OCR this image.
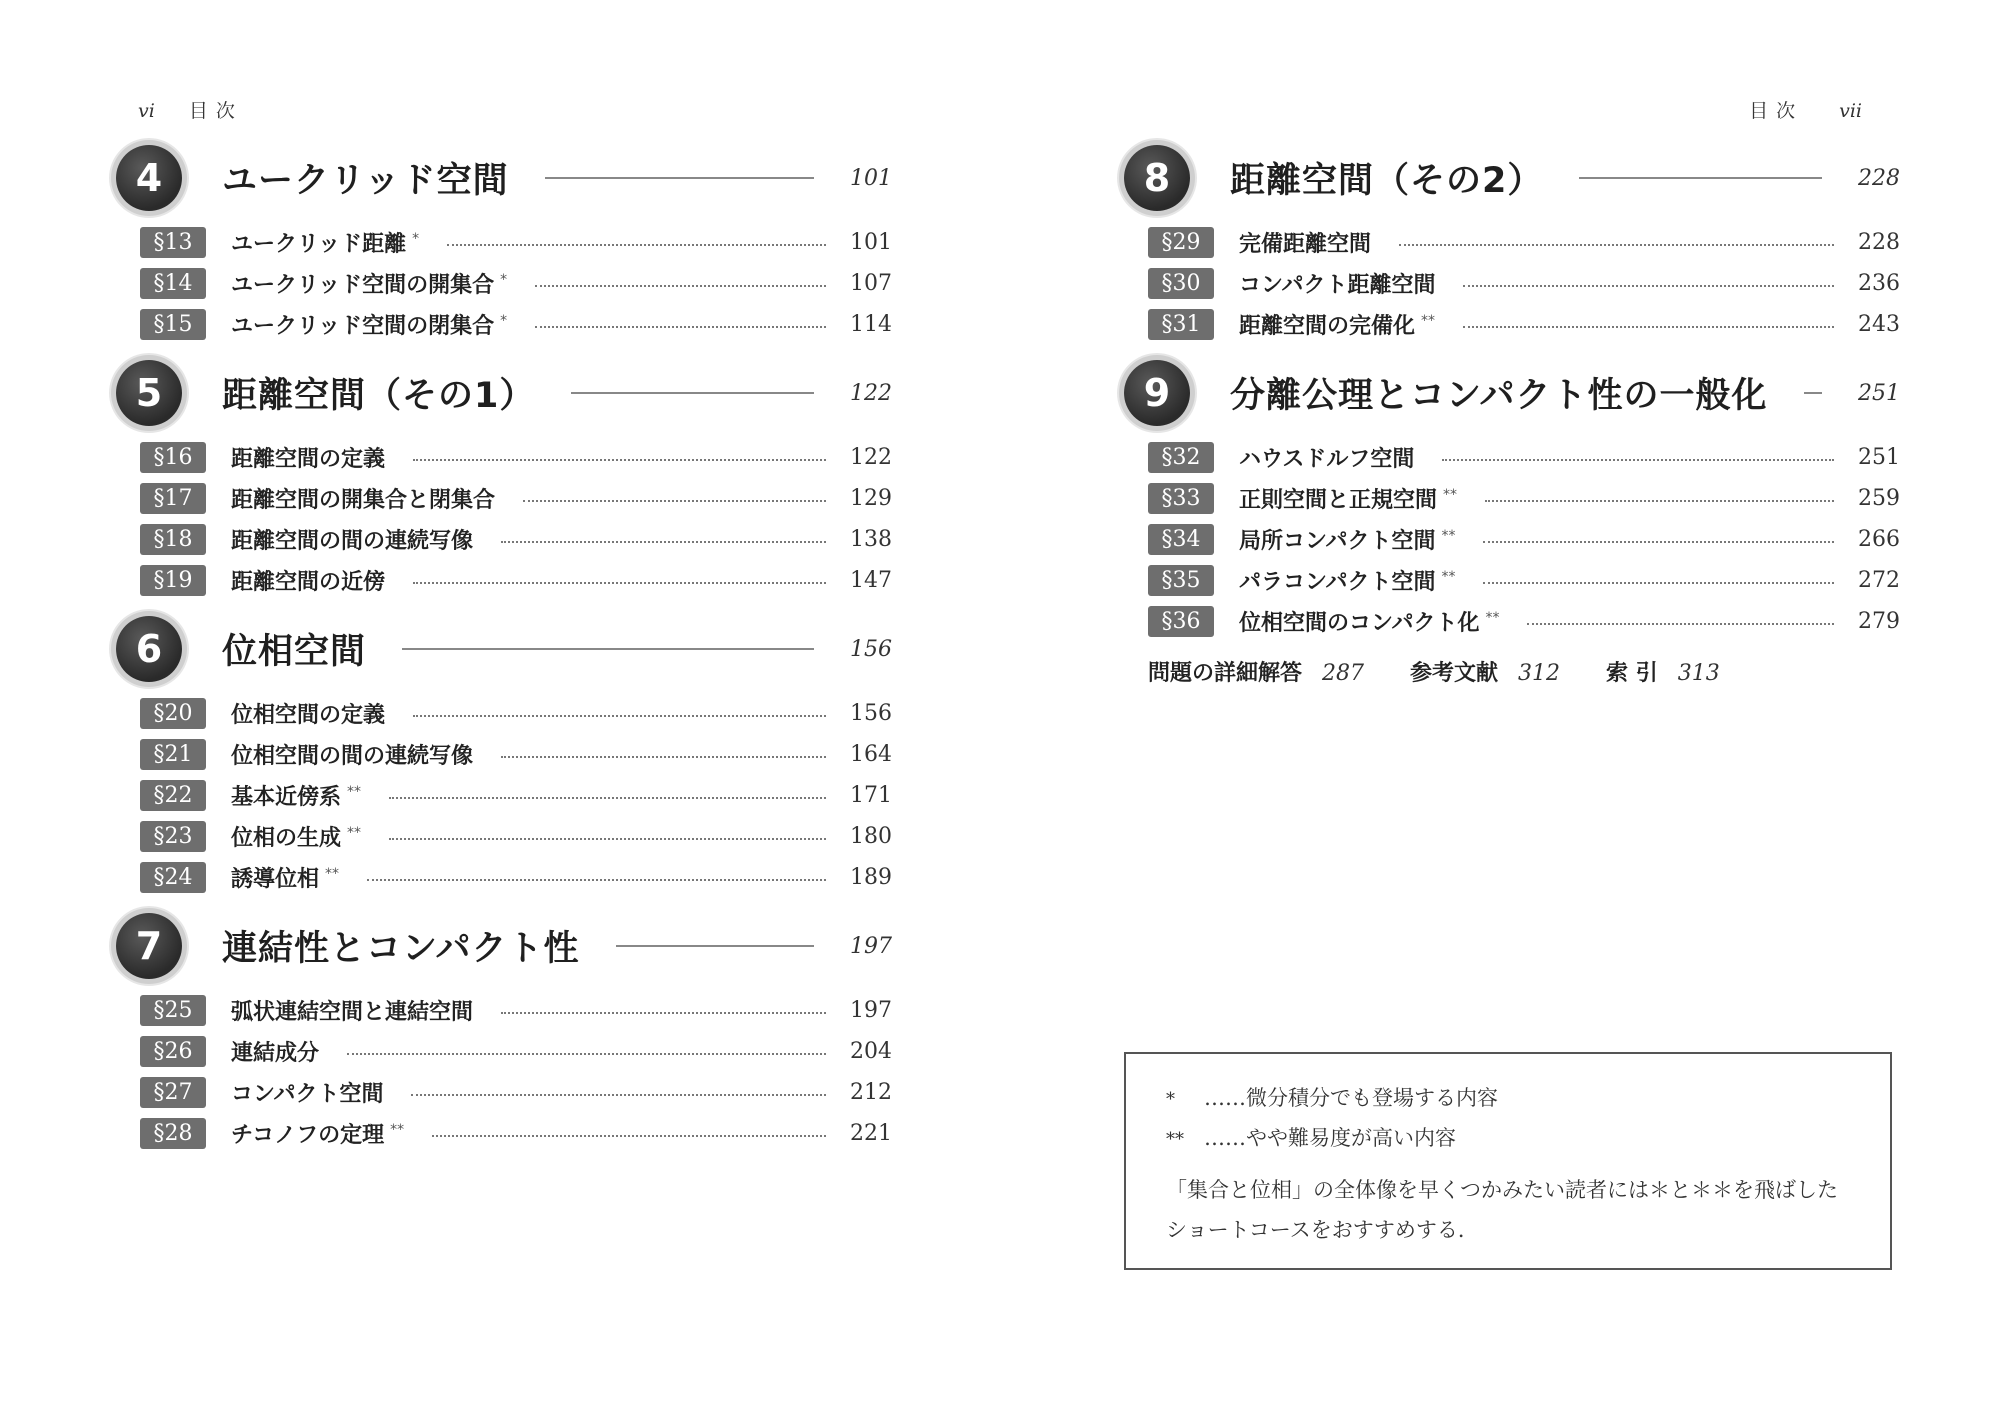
vi 目次
4	ユークリッド空間	101
§13	ユークリッド距離 *	101
§14	ユークリッド空間の開集合 *	107
§15	ユークリッド空間の閉集合 *	114
5	距離空間（その1）	122
§16	距離空間の定義	122
§17	距離空間の開集合と閉集合	129
§18	距離空間の間の連続写像	138
§19	距離空間の近傍	147
6	位相空間	156
§20	位相空間の定義	156
§21	位相空間の間の連続写像	164
§22	基本近傍系 **	171
§23	位相の生成 **	180
§24	誘導位相 **	189
7	連結性とコンパクト性	197
§25	弧状連結空間と連結空間	197
§26	連結成分	204
§27	コンパクト空間	212
§28	チコノフの定理 **	221
目次 vii
8	距離空間（その2）	228
§29	完備距離空間	228
§30	コンパクト距離空間	236
§31	距離空間の完備化 **	243
9	分離公理とコンパクト性の一般化	251
§32	ハウスドルフ空間	251
§33	正則空間と正規空間 **	259
§34	局所コンパクト空間 **	266
§35	パラコンパクト空間 **	272
§36	位相空間のコンパクト化 **	279
問題の詳細解答 287 参考文献 312 索 引 313
* ……微分積分でも登場する内容
** ……やや難易度が高い内容
「集合と位相」の全体像を早くつかみたい読者には＊と＊＊を飛ばした
ショートコースをおすすめする．
